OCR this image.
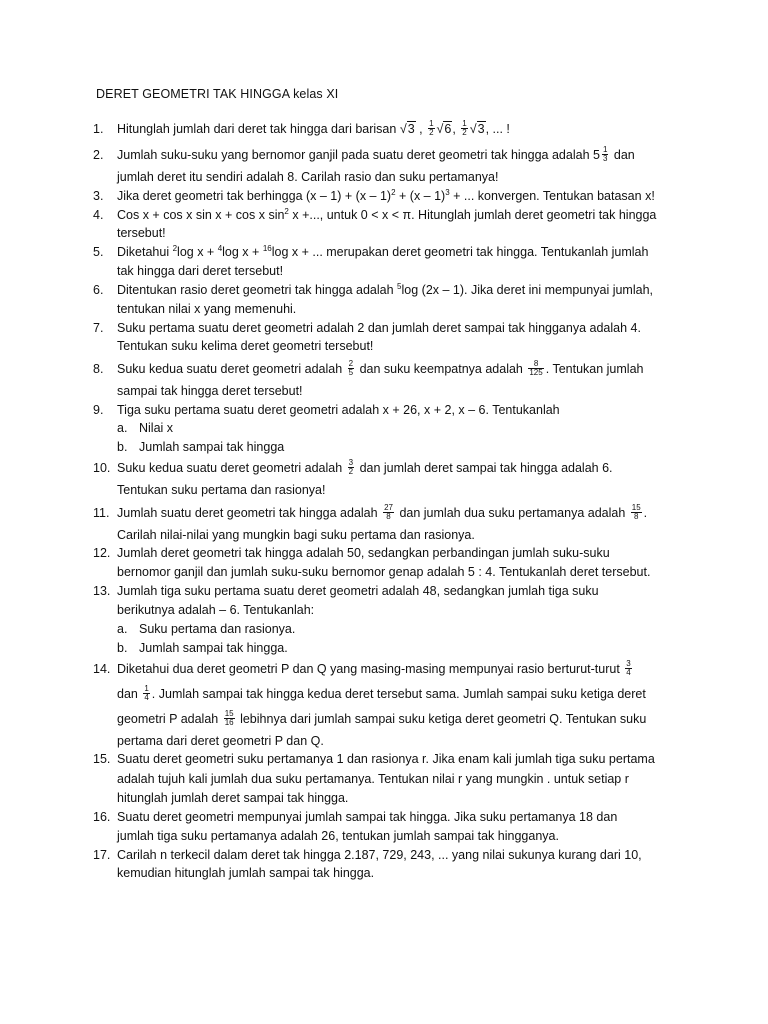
DERET GEOMETRI TAK HINGGA kelas XI
1.	Hitunglah jumlah dari deret tak hingga dari barisan √3 , $\frac{1}{2} √6$, $\frac{1}{2} √3$, ... !
2.	Jumlah suku-suku yang bernomor ganjil pada suatu deret geometri tak hingga adalah $5 \frac{1}{3}$ dan
jumlah deret itu sendiri adalah 8. Carilah rasio dan suku pertamanya!
3.	Jika deret geometri tak berhingga (x – 1) + (x – 1)$^2$ + (x – 1)$^3$ + ... konvergen. Tentukan batasan x!
4.	Cos x + cos x sin x + cos x $\sin^2 x$ +..., untuk 0 < x < π. Hitunglah jumlah deret geometri tak hingga
tersebut!
5.	Diketahui $^2$log x + $^4$log x + $^{16}$log x + ... merupakan deret geometri tak hingga. Tentukanlah jumlah
tak hingga dari deret tersebut!
6.	Ditentukan rasio deret geometri tak hingga adalah $^5$log (2x – 1). Jika deret ini mempunyai jumlah,
tentukan nilai x yang memenuhi.
7.	Suku pertama suatu deret geometri adalah 2 dan jumlah deret sampai tak hingganya adalah 4.
Tentukan suku kelima deret geometri tersebut!
8.	Suku kedua suatu deret geometri adalah $\frac{2}{5}$ dan suku keempatnya adalah $\frac{8}{125}$ . Tentukan jumlah
sampai tak hingga deret tersebut!
9.	Tiga suku pertama suatu deret geometri adalah x + 26, x + 2, x – 6. Tentukanlah
a. Nilai x
b. Jumlah sampai tak hingga
10. Suku kedua suatu deret geometri adalah $\frac{3}{2}$ dan jumlah deret sampai tak hingga adalah 6.
Tentukan suku pertama dan rasionya!
11. Jumlah suatu deret geometri tak hingga adalah $\frac{27}{8}$ dan jumlah dua suku pertamanya adalah $\frac{15}{8}$ .
Carilah nilai-nilai yang mungkin bagi suku pertama dan rasionya.
12. Jumlah deret geometri tak hingga adalah 50, sedangkan perbandingan jumlah suku-suku
bernomor ganjil dan jumlah suku-suku bernomor genap adalah 5 : 4. Tentukanlah deret tersebut.
13. Jumlah tiga suku pertama suatu deret geometri adalah 48, sedangkan jumlah tiga suku
berikutnya adalah – 6. Tentukanlah:
a. Suku pertama dan rasionya.
b. Jumlah sampai tak hingga.
14. Diketahui dua deret geometri P dan Q yang masing-masing mempunyai rasio berturut-turut $\frac{3}{4}$
dan $\frac{1}{4}$ . Jumlah sampai tak hingga kedua deret tersebut sama. Jumlah sampai suku ketiga deret
geometri P adalah $\frac{15}{16}$ lebihnya dari jumlah sampai suku ketiga deret geometri Q. Tentukan suku
pertama dari deret geometri P dan Q.
15. Suatu deret geometri suku pertamanya 1 dan rasionya r. Jika enam kali jumlah tiga suku pertama
adalah tujuh kali jumlah dua suku pertamanya. Tentukan nilai r yang mungkin . untuk setiap r
hitunglah jumlah deret sampai tak hingga.
16. Suatu deret geometri mempunyai jumlah sampai tak hingga. Jika suku pertamanya 18 dan
jumlah tiga suku pertamanya adalah 26, tentukan jumlah sampai tak hingganya.
17. Carilah n terkecil dalam deret tak hingga 2.187, 729, 243, ... yang nilai sukunya kurang dari 10,
kemudian hitunglah jumlah sampai tak hingga.
